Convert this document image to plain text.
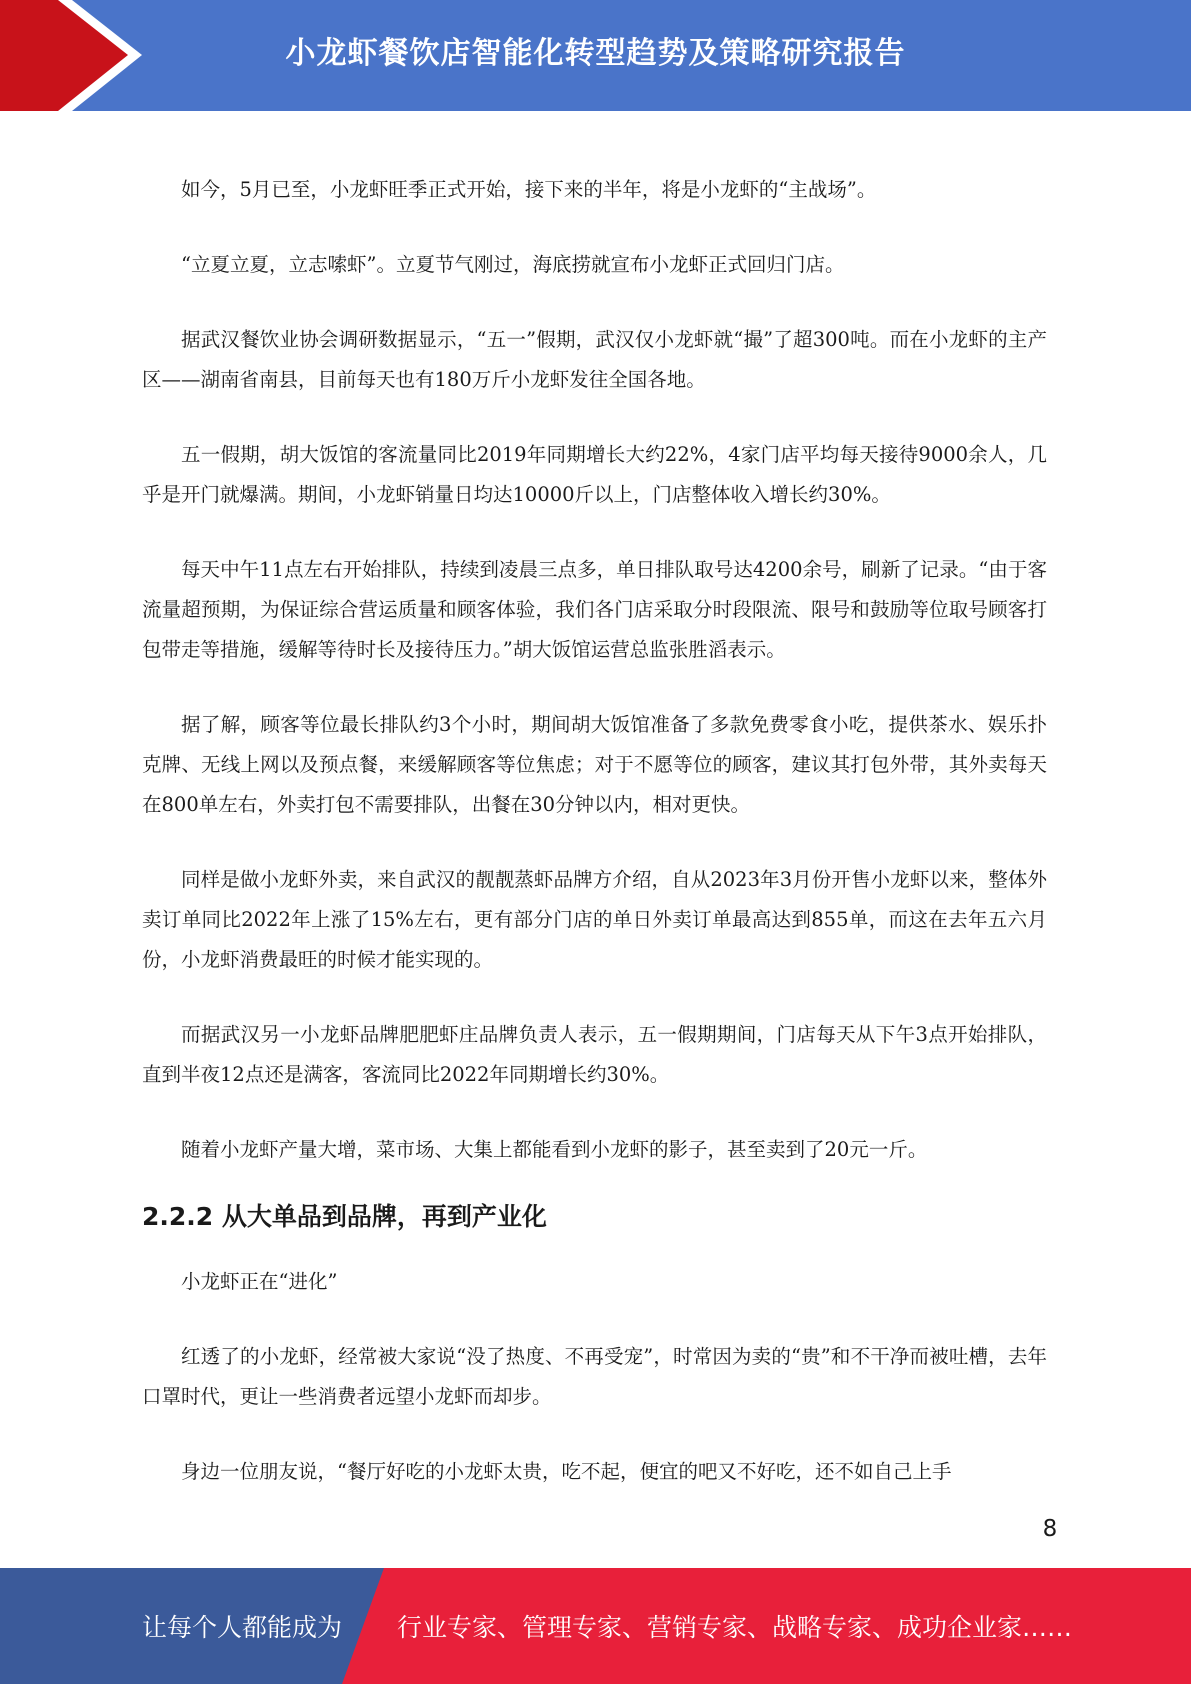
小龙虾餐饮店智能化转型趋势及策略研究报告

如今，5月已至，小龙虾旺季正式开始，接下来的半年，将是小龙虾的“主战场”。

“立夏立夏，立志嗦虾”。立夏节气刚过，海底捞就宣布小龙虾正式回归门店。

据武汉餐饮业协会调研数据显示，“五一”假期，武汉仅小龙虾就“撮”了超300吨。而在小龙虾的主产区——湖南省南县，目前每天也有180万斤小龙虾发往全国各地。

五一假期，胡大饭馆的客流量同比2019年同期增长大约22%，4家门店平均每天接待9000余人，几乎是开门就爆满。期间，小龙虾销量日均达10000斤以上，门店整体收入增长约30%。

每天中午11点左右开始排队，持续到凌晨三点多，单日排队取号达4200余号，刷新了记录。“由于客流量超预期，为保证综合营运质量和顾客体验，我们各门店采取分时段限流、限号和鼓励等位取号顾客打包带走等措施，缓解等待时长及接待压力。”胡大饭馆运营总监张胜滔表示。

据了解，顾客等位最长排队约3个小时，期间胡大饭馆准备了多款免费零食小吃，提供茶水、娱乐扑克牌、无线上网以及预点餐，来缓解顾客等位焦虑；对于不愿等位的顾客，建议其打包外带，其外卖每天在800单左右，外卖打包不需要排队，出餐在30分钟以内，相对更快。

同样是做小龙虾外卖，来自武汉的靓靓蒸虾品牌方介绍，自从2023年3月份开售小龙虾以来，整体外卖订单同比2022年上涨了15%左右，更有部分门店的单日外卖订单最高达到855单，而这在去年五六月份，小龙虾消费最旺的时候才能实现的。

而据武汉另一小龙虾品牌肥肥虾庄品牌负责人表示，五一假期期间，门店每天从下午3点开始排队，直到半夜12点还是满客，客流同比2022年同期增长约30%。

随着小龙虾产量大增，菜市场、大集上都能看到小龙虾的影子，甚至卖到了20元一斤。

2.2.2 从大单品到品牌，再到产业化

小龙虾正在“进化”

红透了的小龙虾，经常被大家说“没了热度、不再受宠”，时常因为卖的“贵”和不干净而被吐槽，去年口罩时代，更让一些消费者远望小龙虾而却步。

身边一位朋友说，“餐厅好吃的小龙虾太贵，吃不起，便宜的吧又不好吃，还不如自己上手

8
让每个人都能成为 行业专家、管理专家、营销专家、战略专家、成功企业家……
